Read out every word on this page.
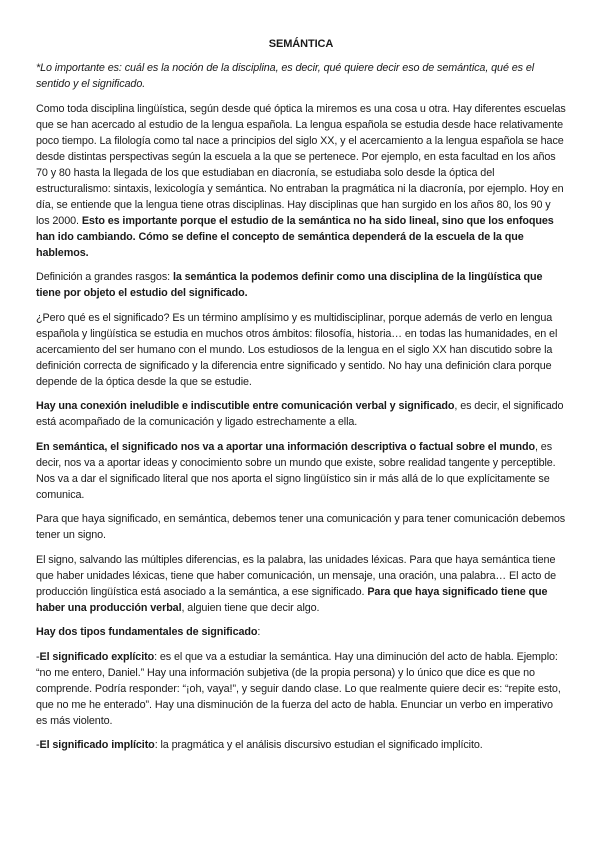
SEMÁNTICA

*Lo importante es: cuál es la noción de la disciplina, es decir, qué quiere decir eso de semántica, qué es el sentido y el significado.

Como toda disciplina lingüística, según desde qué óptica la miremos es una cosa u otra. Hay diferentes escuelas que se han acercado al estudio de la lengua española. La lengua española se estudia desde hace relativamente poco tiempo. La filología como tal nace a principios del siglo XX, y el acercamiento a la lengua española se hace desde distintas perspectivas según la escuela a la que se pertenece. Por ejemplo, en esta facultad en los años 70 y 80 hasta la llegada de los que estudiaban en diacronía, se estudiaba solo desde la óptica del estructuralismo: sintaxis, lexicología y semántica. No entraban la pragmática ni la diacronía, por ejemplo. Hoy en día, se entiende que la lengua tiene otras disciplinas. Hay disciplinas que han surgido en los años 80, los 90 y los 2000. Esto es importante porque el estudio de la semántica no ha sido lineal, sino que los enfoques han ido cambiando. Cómo se define el concepto de semántica dependerá de la escuela de la que hablemos.

Definición a grandes rasgos: la semántica la podemos definir como una disciplina de la lingüística que tiene por objeto el estudio del significado.

¿Pero qué es el significado? Es un término amplísimo y es multidisciplinar, porque además de verlo en lengua española y lingüística se estudia en muchos otros ámbitos: filosofía, historia… en todas las humanidades, en el acercamiento del ser humano con el mundo. Los estudiosos de la lengua en el siglo XX han discutido sobre la definición correcta de significado y la diferencia entre significado y sentido. No hay una definición clara porque depende de la óptica desde la que se estudie.

Hay una conexión ineludible e indiscutible entre comunicación verbal y significado, es decir, el significado está acompañado de la comunicación y ligado estrechamente a ella.

En semántica, el significado nos va a aportar una información descriptiva o factual sobre el mundo, es decir, nos va a aportar ideas y conocimiento sobre un mundo que existe, sobre realidad tangente y perceptible. Nos va a dar el significado literal que nos aporta el signo lingüístico sin ir más allá de lo que explícitamente se comunica.

Para que haya significado, en semántica, debemos tener una comunicación y para tener comunicación debemos tener un signo.

El signo, salvando las múltiples diferencias, es la palabra, las unidades léxicas. Para que haya semántica tiene que haber unidades léxicas, tiene que haber comunicación, un mensaje, una oración, una palabra… El acto de producción lingüística está asociado a la semántica, a ese significado. Para que haya significado tiene que haber una producción verbal, alguien tiene que decir algo.

Hay dos tipos fundamentales de significado:

-El significado explícito: es el que va a estudiar la semántica. Hay una diminución del acto de habla. Ejemplo: “no me entero, Daniel.” Hay una información subjetiva (de la propia persona) y lo único que dice es que no comprende. Podría responder: “¡oh, vaya!”, y seguir dando clase. Lo que realmente quiere decir es: “repite esto, que no me he enterado”. Hay una disminución de la fuerza del acto de habla. Enunciar un verbo en imperativo es más violento.

-El significado implícito: la pragmática y el análisis discursivo estudian el significado implícito.
